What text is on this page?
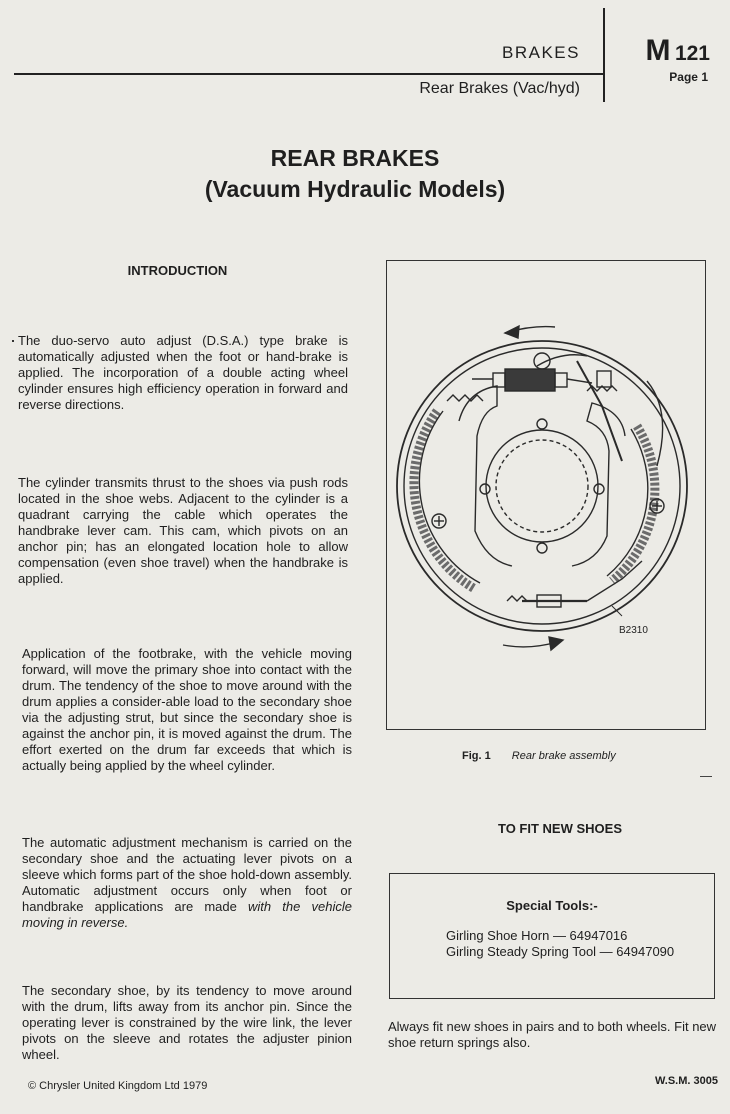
BRAKES
Rear Brakes (Vac/hyd)
M 121
Page 1
REAR BRAKES
(Vacuum Hydraulic Models)
INTRODUCTION
The duo-servo auto adjust (D.S.A.) type brake is automatically adjusted when the foot or hand-brake is applied. The incorporation of a double acting wheel cylinder ensures high efficiency operation in forward and reverse directions.
The cylinder transmits thrust to the shoes via push rods located in the shoe webs. Adjacent to the cylinder is a quadrant carrying the cable which operates the handbrake lever cam. This cam, which pivots on an anchor pin; has an elongated location hole to allow compensation (even shoe travel) when the handbrake is applied.
Application of the footbrake, with the vehicle moving forward, will move the primary shoe into contact with the drum. The tendency of the shoe to move around with the drum applies a consider-able load to the secondary shoe via the adjusting strut, but since the secondary shoe is against the anchor pin, it is moved against the drum. The effort exerted on the drum far exceeds that which is actually being applied by the wheel cylinder.
The automatic adjustment mechanism is carried on the secondary shoe and the actuating lever pivots on a sleeve which forms part of the shoe hold-down assembly. Automatic adjustment occurs only when foot or handbrake applications are made with the vehicle moving in reverse.
The secondary shoe, by its tendency to move around with the drum, lifts away from its anchor pin. Since the operating lever is constrained by the wire link, the lever pivots on the sleeve and rotates the adjuster pinion wheel.
B2310
Fig. 1 Rear brake assembly
TO FIT NEW SHOES
Special Tools:-
Girling Shoe Horn — 64947016
Girling Steady Spring Tool — 64947090
Always fit new shoes in pairs and to both wheels. Fit new shoe return springs also.
© Chrysler United Kingdom Ltd 1979	W.S.M. 3005
